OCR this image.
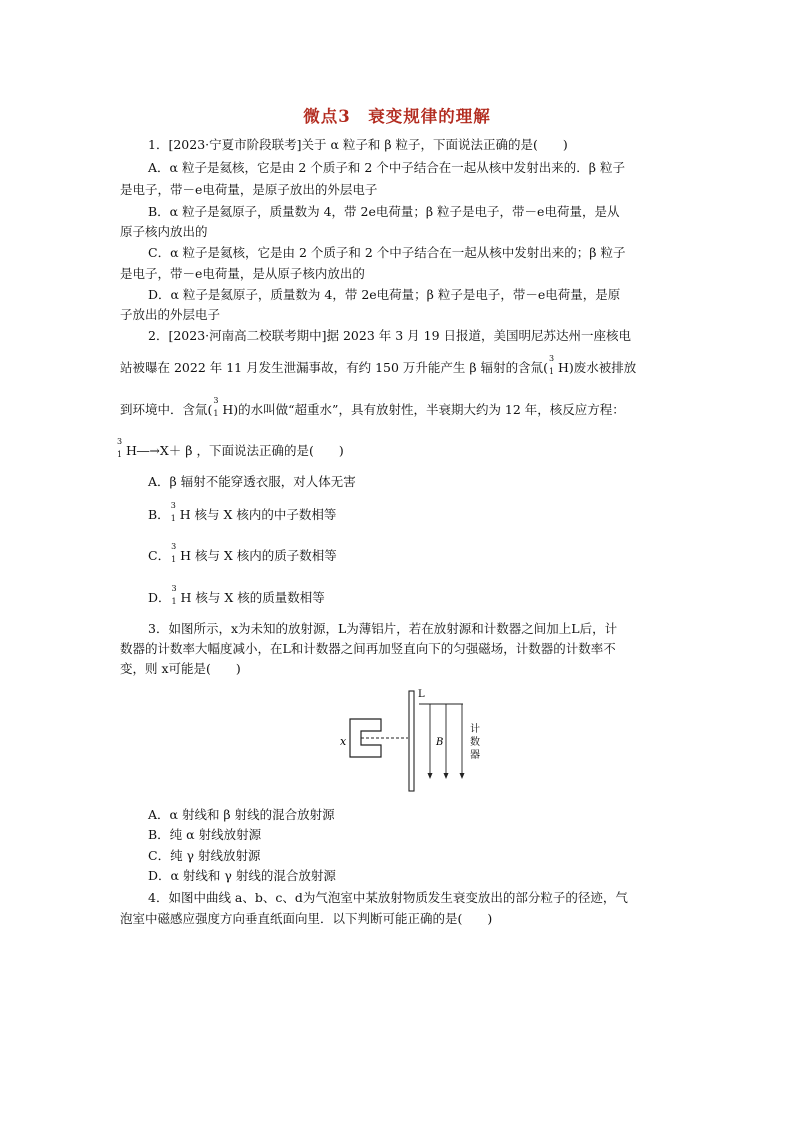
微点3　衰变规律的理解
1．[2023·宁夏市阶段联考]关于 α 粒子和 β 粒子，下面说法正确的是(　　)
A．α 粒子是氦核，它是由 2 个质子和 2 个中子结合在一起从核中发射出来的．β 粒子
是电子，带－e电荷量，是原子放出的外层电子
B．α 粒子是氦原子，质量数为 4，带 2e电荷量；β 粒子是电子，带－e电荷量，是从
原子核内放出的
C．α 粒子是氦核，它是由 2 个质子和 2 个中子结合在一起从核中发射出来的；β 粒子
是电子，带－e电荷量，是从原子核内放出的
D．α 粒子是氦原子，质量数为 4，带 2e电荷量；β 粒子是电子，带－e电荷量，是原
子放出的外层电子
2．[2023·河南高二校联考期中]据 2023 年 3 月 19 日报道，美国明尼苏达州一座核电
站被曝在 2022 年 11 月发生泄漏事故，有约 150 万升能产生 β 辐射的含氚(
3
1 H)废水被排放
到环境中．含氚(
3
1 H)的水叫做“超重水”，具有放射性，半衰期大约为 12 年，核反应方程：
3
1 H―→X＋ β ，下面说法正确的是(　　)
A．β 辐射不能穿透衣服，对人体无害
B．
3
1 H 核与 X 核内的中子数相等
C．
3
1 H 核与 X 核内的质子数相等
D．
3
1 H 核与 X 核的质量数相等
3．如图所示，x为未知的放射源，L为薄铝片，若在放射源和计数器之间加上L后，计
数器的计数率大幅度减小，在L和计数器之间再加竖直向下的匀强磁场，计数器的计数率不
变，则 x可能是(　　)
x
L
B
计
数
器
A．α 射线和 β 射线的混合放射源
B．纯 α 射线放射源
C．纯 γ 射线放射源
D．α 射线和 γ 射线的混合放射源
4．如图中曲线 a、b、c、d为气泡室中某放射物质发生衰变放出的部分粒子的径迹，气
泡室中磁感应强度方向垂直纸面向里．以下判断可能正确的是(　　)
